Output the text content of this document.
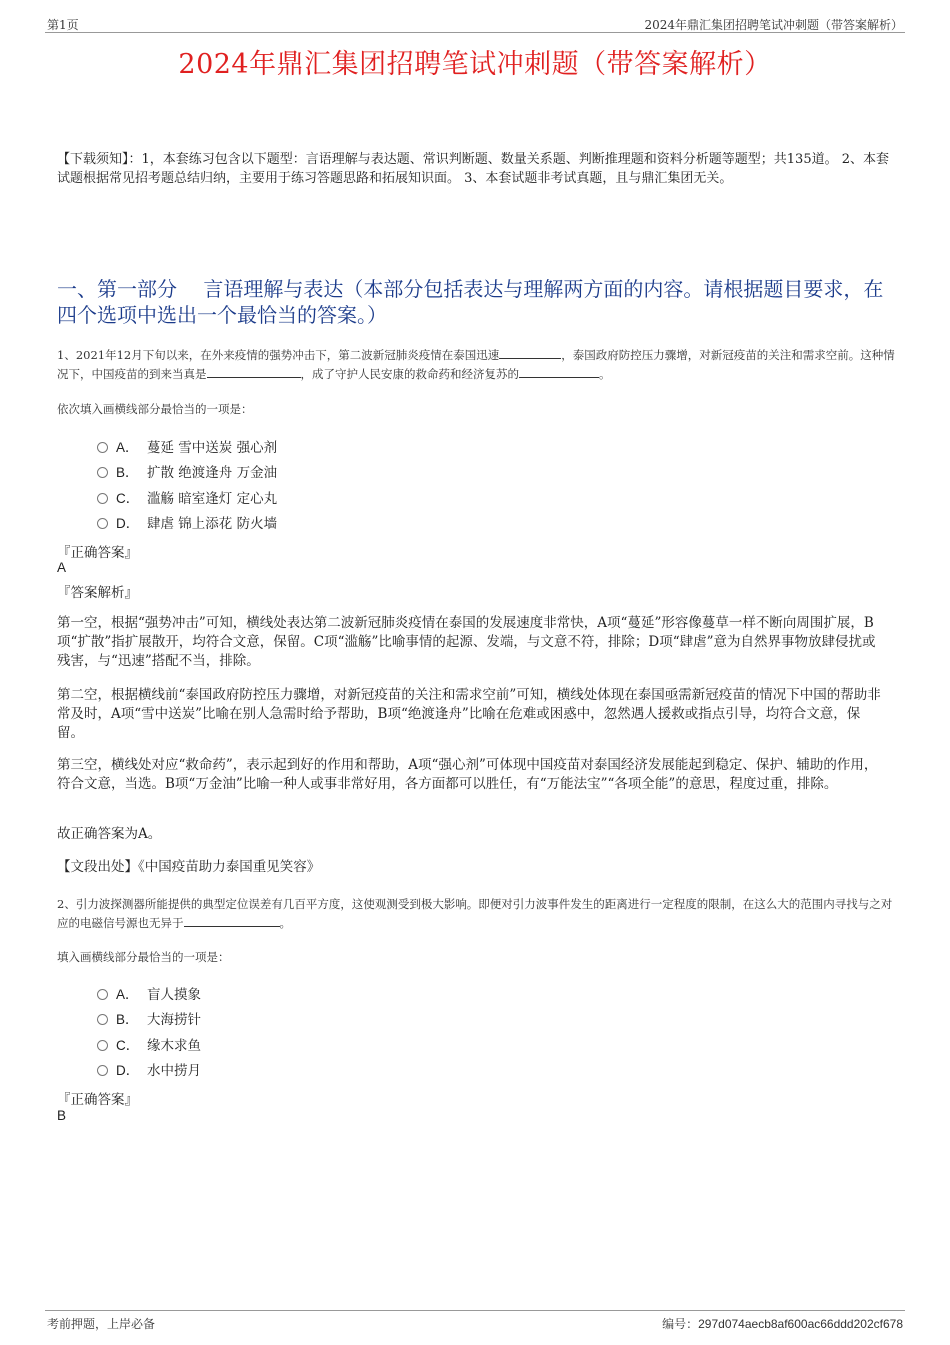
第1页	2024年鼎汇集团招聘笔试冲刺题（带答案解析）
2024年鼎汇集团招聘笔试冲刺题（带答案解析）
【下载须知】：1，本套练习包含以下题型：言语理解与表达题、常识判断题、数量关系题、判断推理题和资料分析题等题型；共135道。 2、本套试题根据常见招考题总结归纳，主要用于练习答题思路和拓展知识面。 3、本套试题非考试真题，且与鼎汇集团无关。
一、第一部分　 言语理解与表达（本部分包括表达与理解两方面的内容。请根据题目要求，在四个选项中选出一个最恰当的答案。）
1、2021年12月下旬以来，在外来疫情的强势冲击下，第二波新冠肺炎疫情在泰国迅速	，泰国政府防控压力骤增，对新冠疫苗的关注和需求空前。这种情况下，中国疫苗的到来当真是	，成了守护人民安康的救命药和经济复苏的	。
依次填入画横线部分最恰当的一项是：
A． 蔓延 雪中送炭 强心剂
B． 扩散 绝渡逢舟 万金油
C． 滥觞 暗室逢灯 定心丸
D． 肆虐 锦上添花 防火墙
『正确答案』
A
『答案解析』
第一空，根据“强势冲击”可知，横线处表达第二波新冠肺炎疫情在泰国的发展速度非常快，A项“蔓延”形容像蔓草一样不断向周围扩展，B项“扩散”指扩展散开，均符合文意，保留。C项“滥觞”比喻事情的起源、发端，与文意不符，排除；D项“肆虐”意为自然界事物放肆侵扰或残害，与“迅速”搭配不当，排除。
第二空，根据横线前“泰国政府防控压力骤增，对新冠疫苗的关注和需求空前”可知，横线处体现在泰国亟需新冠疫苗的情况下中国的帮助非常及时，A项“雪中送炭”比喻在别人急需时给予帮助，B项“绝渡逢舟”比喻在危难或困惑中，忽然遇人援救或指点引导，均符合文意，保留。
第三空，横线处对应“救命药”，表示起到好的作用和帮助，A项“强心剂”可体现中国疫苗对泰国经济发展能起到稳定、保护、辅助的作用，符合文意，当选。B项“万金油”比喻一种人或事非常好用，各方面都可以胜任，有“万能法宝”“各项全能”的意思，程度过重，排除。
故正确答案为A。
【文段出处】《中国疫苗助力泰国重见笑容》
2、引力波探测器所能提供的典型定位误差有几百平方度，这使观测受到极大影响。即便对引力波事件发生的距离进行一定程度的限制，在这么大的范围内寻找与之对应的电磁信号源也无异于	。
填入画横线部分最恰当的一项是：
A． 盲人摸象
B． 大海捞针
C． 缘木求鱼
D． 水中捞月
『正确答案』
B
考前押题，上岸必备	编号：297d074aecb8af600ac66ddd202cf678
